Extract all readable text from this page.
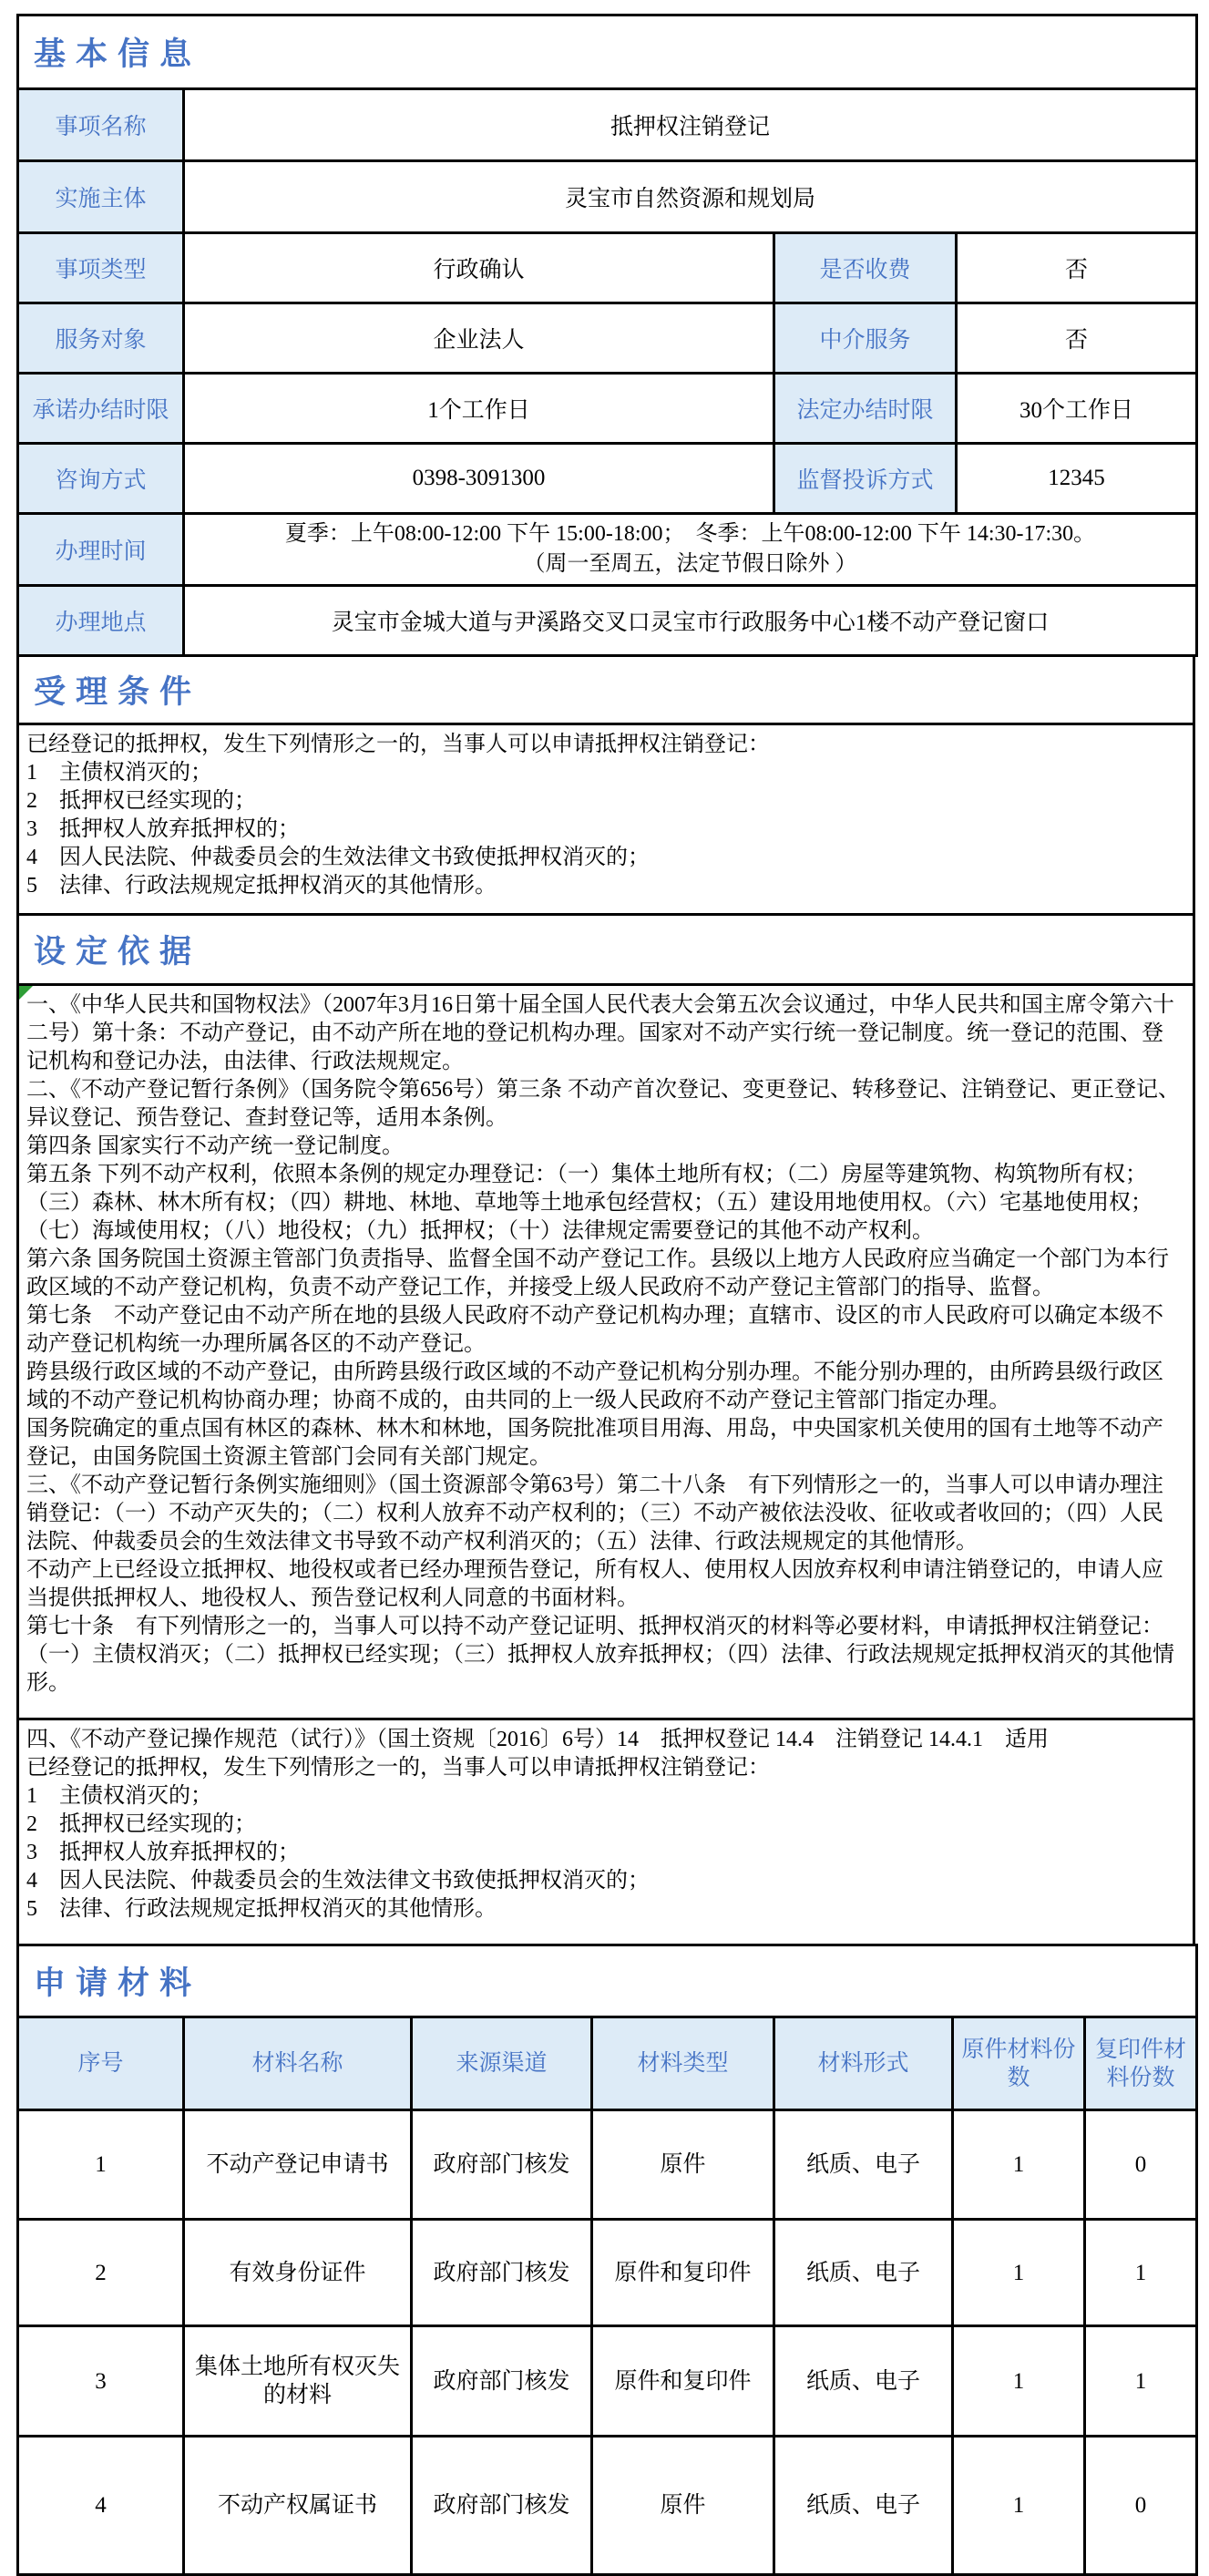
基本信息			
事项名称	抵押权注销登记		
实施主体	灵宝市自然资源和规划局		
事项类型	行政确认	是否收费	否
服务对象	企业法人	中介服务	否
承诺办结时限	1个工作日	法定办结时限	30个工作日
咨询方式	0398-3091300	监督投诉方式	12345
办理时间	夏季：上午08:00-12:00 下午 15:00-18:00；　冬季：上午08:00-12:00 下午 14:30-17:30。
（周一至周五，法定节假日除外 ）		

办理地点	灵宝市金城大道与尹溪路交叉口灵宝市行政服务中心1楼不动产登记窗口		
受理条件

已经登记的抵押权，发生下列情形之一的，当事人可以申请抵押权注销登记：
1　主债权消灭的；
2　抵押权已经实现的；
3　抵押权人放弃抵押权的；
4　因人民法院、仲裁委员会的生效法律文书致使抵押权消灭的；
5　法律、行政法规规定抵押权消灭的其他情形。
设定依据

一、《中华人民共和国物权法》（2007年3月16日第十届全国人民代表大会第五次会议通过，中华人民共和国主席令第六十二号）第十条：不动产登记，由不动产所在地的登记机构办理。国家对不动产实行统一登记制度。统一登记的范围、登记机构和登记办法，由法律、行政法规规定。
二、《不动产登记暂行条例》（国务院令第656号）第三条 不动产首次登记、变更登记、转移登记、注销登记、更正登记、异议登记、预告登记、查封登记等，适用本条例。
第四条 国家实行不动产统一登记制度。
第五条 下列不动产权利，依照本条例的规定办理登记：（一）集体土地所有权；（二）房屋等建筑物、构筑物所有权；（三）森林、林木所有权；（四）耕地、林地、草地等土地承包经营权；（五）建设用地使用权。（六）宅基地使用权；（七）海域使用权；（八）地役权；（九）抵押权；（十）法律规定需要登记的其他不动产权利。
第六条 国务院国土资源主管部门负责指导、监督全国不动产登记工作。县级以上地方人民政府应当确定一个部门为本行政区域的不动产登记机构，负责不动产登记工作，并接受上级人民政府不动产登记主管部门的指导、监督。
第七条　不动产登记由不动产所在地的县级人民政府不动产登记机构办理；直辖市、设区的市人民政府可以确定本级不动产登记机构统一办理所属各区的不动产登记。
跨县级行政区域的不动产登记，由所跨县级行政区域的不动产登记机构分别办理。不能分别办理的，由所跨县级行政区域的不动产登记机构协商办理；协商不成的，由共同的上一级人民政府不动产登记主管部门指定办理。
国务院确定的重点国有林区的森林、林木和林地，国务院批准项目用海、用岛，中央国家机关使用的国有土地等不动产登记，由国务院国土资源主管部门会同有关部门规定。
三、《不动产登记暂行条例实施细则》（国土资源部令第63号）第二十八条　有下列情形之一的，当事人可以申请办理注销登记：（一）不动产灭失的；（二）权利人放弃不动产权利的；（三）不动产被依法没收、征收或者收回的；（四）人民法院、仲裁委员会的生效法律文书导致不动产权利消灭的；（五）法律、行政法规规定的其他情形。
不动产上已经设立抵押权、地役权或者已经办理预告登记，所有权人、使用权人因放弃权利申请注销登记的，申请人应当提供抵押权人、地役权人、预告登记权利人同意的书面材料。
第七十条　有下列情形之一的，当事人可以持不动产登记证明、抵押权消灭的材料等必要材料，申请抵押权注销登记：（一）主债权消灭；（二）抵押权已经实现；（三）抵押权人放弃抵押权；（四）法律、行政法规规定抵押权消灭的其他情形。

四、《不动产登记操作规范（试行）》（国土资规〔2016〕6号）14　抵押权登记 14.4　注销登记 14.4.1　适用
已经登记的抵押权，发生下列情形之一的，当事人可以申请抵押权注销登记：
1　主债权消灭的；
2　抵押权已经实现的；
3　抵押权人放弃抵押权的；
4　因人民法院、仲裁委员会的生效法律文书致使抵押权消灭的；
5　法律、行政法规规定抵押权消灭的其他情形。
申请材料						
序号	材料名称	来源渠道	材料类型	材料形式	原件材料份数	复印件材料份数
1	不动产登记申请书	政府部门核发	原件	纸质、电子	1	0
2	有效身份证件	政府部门核发	原件和复印件	纸质、电子	1	1
3	集体土地所有权灭失的材料	政府部门核发	原件和复印件	纸质、电子	1	1
4	不动产权属证书	政府部门核发	原件	纸质、电子	1	0
